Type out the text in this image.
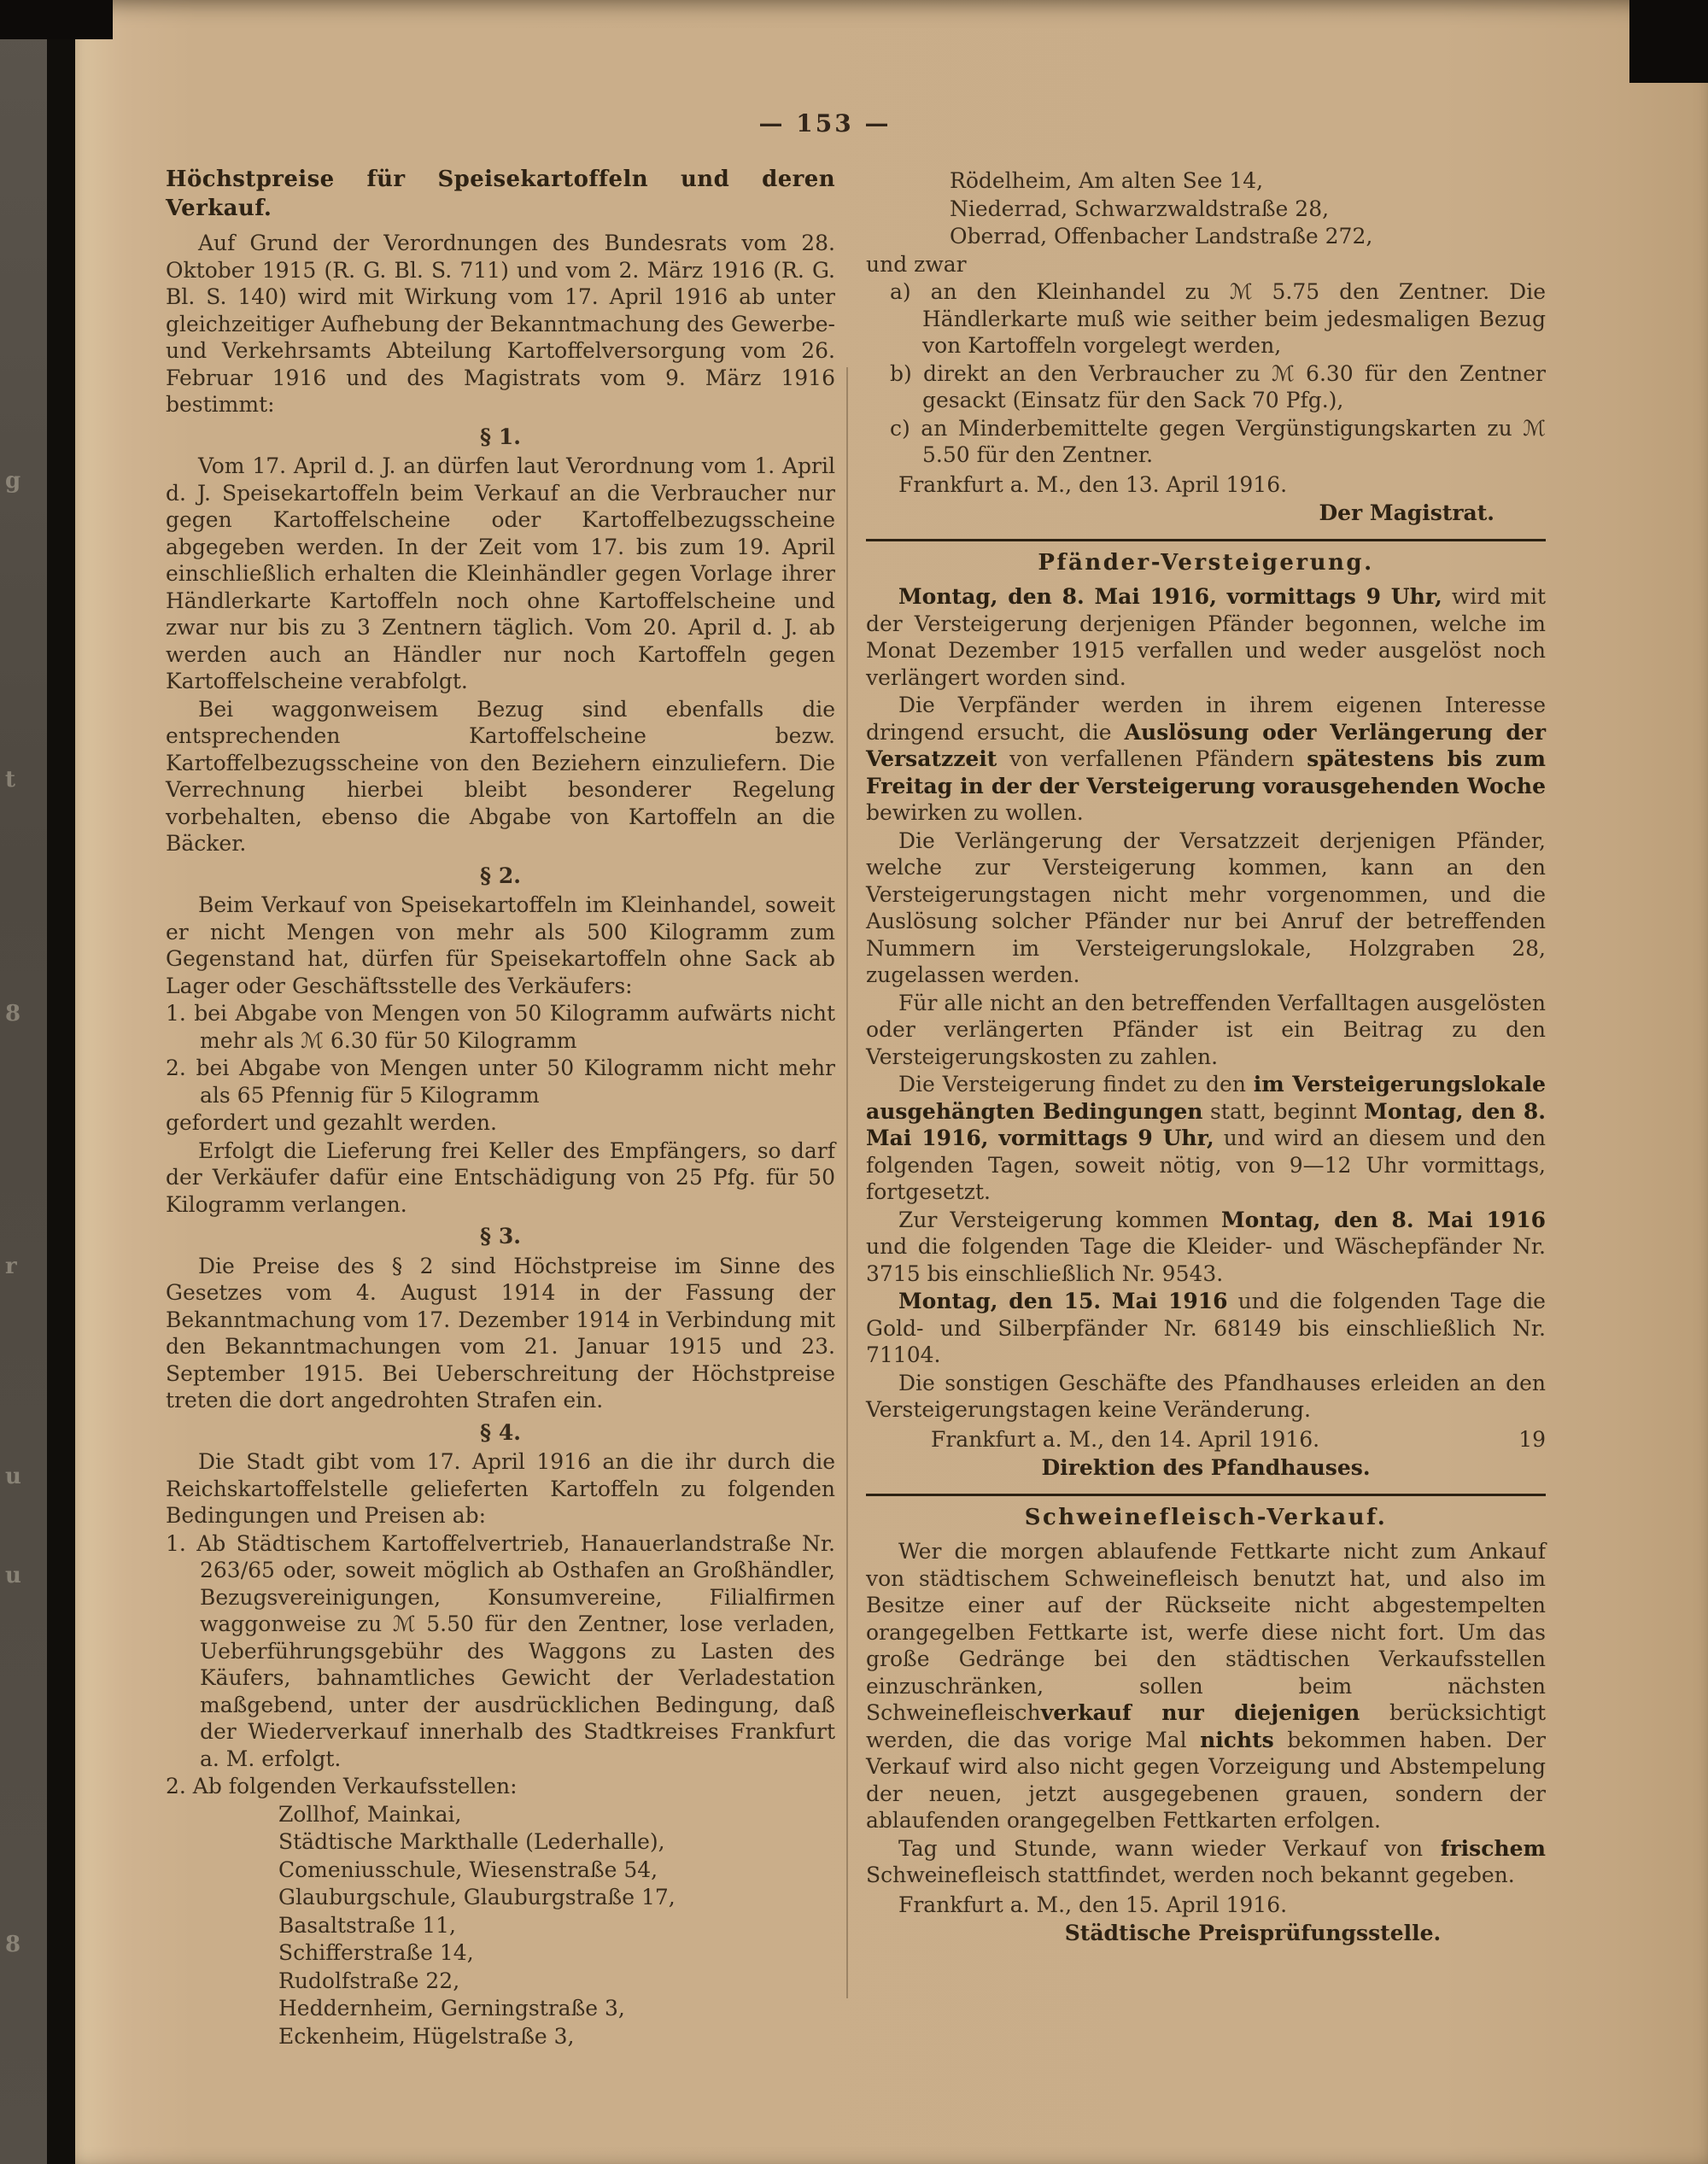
g
t
8
r
u
u
8
— 153 —
Höchstpreise für Speisekartoffeln und deren Verkauf.

Auf Grund der Verordnungen des Bundesrats vom 28. Oktober 1915 (R. G. Bl. S. 711) und vom 2. März 1916 (R. G. Bl. S. 140) wird mit Wirkung vom 17. April 1916 ab unter gleichzeitiger Aufhebung der Bekanntmachung des Gewerbe- und Verkehrsamts Abteilung Kartoffelversorgung vom 26. Februar 1916 und des Magistrats vom 9. März 1916 bestimmt:

§ 1.

Vom 17. April d. J. an dürfen laut Verordnung vom 1. April d. J. Speisekartoffeln beim Verkauf an die Verbraucher nur gegen Kartoffelscheine oder Kartoffelbezugsscheine abgegeben werden. In der Zeit vom 17. bis zum 19. April einschließlich erhalten die Kleinhändler gegen Vorlage ihrer Händlerkarte Kartoffeln noch ohne Kartoffelscheine und zwar nur bis zu 3 Zentnern täglich. Vom 20. April d. J. ab werden auch an Händler nur noch Kartoffeln gegen Kartoffelscheine verabfolgt.

Bei waggonweisem Bezug sind ebenfalls die entsprechenden Kartoffelscheine bezw. Kartoffelbezugsscheine von den Beziehern einzuliefern. Die Verrechnung hierbei bleibt besonderer Regelung vorbehalten, ebenso die Abgabe von Kartoffeln an die Bäcker.

§ 2.

Beim Verkauf von Speisekartoffeln im Kleinhandel, soweit er nicht Mengen von mehr als 500 Kilogramm zum Gegenstand hat, dürfen für Speisekartoffeln ohne Sack ab Lager oder Geschäftsstelle des Verkäufers:

1. bei Abgabe von Mengen von 50 Kilogramm aufwärts nicht mehr als ℳ 6.30 für 50 Kilogramm

2. bei Abgabe von Mengen unter 50 Kilogramm nicht mehr als 65 Pfennig für 5 Kilogramm

gefordert und gezahlt werden.

Erfolgt die Lieferung frei Keller des Empfängers, so darf der Verkäufer dafür eine Entschädigung von 25 Pfg. für 50 Kilogramm verlangen.

§ 3.

Die Preise des § 2 sind Höchstpreise im Sinne des Gesetzes vom 4. August 1914 in der Fassung der Bekanntmachung vom 17. Dezember 1914 in Verbindung mit den Bekanntmachungen vom 21. Januar 1915 und 23. September 1915. Bei Ueberschreitung der Höchstpreise treten die dort angedrohten Strafen ein.

§ 4.

Die Stadt gibt vom 17. April 1916 an die ihr durch die Reichskartoffelstelle gelieferten Kartoffeln zu folgenden Bedingungen und Preisen ab:

1. Ab Städtischem Kartoffelvertrieb, Hanauerlandstraße Nr. 263/65 oder, soweit möglich ab Osthafen an Großhändler, Bezugsvereinigungen, Konsumvereine, Filialfirmen waggonweise zu ℳ 5.50 für den Zentner, lose verladen, Ueberführungsgebühr des Waggons zu Lasten des Käufers, bahnamtliches Gewicht der Verladestation maßgebend, unter der ausdrücklichen Bedingung, daß der Wiederverkauf innerhalb des Stadtkreises Frankfurt a. M. erfolgt.

2. Ab folgenden Verkaufsstellen:

Zollhof, Mainkai,

Städtische Markthalle (Lederhalle),

Comeniusschule, Wiesenstraße 54,

Glauburgschule, Glauburgstraße 17,

Basaltstraße 11,

Schifferstraße 14,

Rudolfstraße 22,

Heddernheim, Gerningstraße 3,

Eckenheim, Hügelstraße 3,

Rödelheim, Am alten See 14,

Niederrad, Schwarzwaldstraße 28,

Oberrad, Offenbacher Landstraße 272,

und zwar

a) an den Kleinhandel zu ℳ 5.75 den Zentner. Die Händlerkarte muß wie seither beim jedesmaligen Bezug von Kartoffeln vorgelegt werden,

b) direkt an den Verbraucher zu ℳ 6.30 für den Zentner gesackt (Einsatz für den Sack 70 Pfg.),

c) an Minderbemittelte gegen Vergünstigungskarten zu ℳ 5.50 für den Zentner.

Frankfurt a. M., den 13. April 1916.

Der Magistrat.

Pfänder-Versteigerung.

Montag, den 8. Mai 1916, vormittags 9 Uhr, wird mit der Versteigerung derjenigen Pfänder begonnen, welche im Monat Dezember 1915 verfallen und weder ausgelöst noch verlängert worden sind.

Die Verpfänder werden in ihrem eigenen Interesse dringend ersucht, die Auslösung oder Verlängerung der Versatzzeit von verfallenen Pfändern spätestens bis zum Freitag in der der Versteigerung vorausgehenden Woche bewirken zu wollen.

Die Verlängerung der Versatzzeit derjenigen Pfänder, welche zur Versteigerung kommen, kann an den Versteigerungstagen nicht mehr vorgenommen, und die Auslösung solcher Pfänder nur bei Anruf der betreffenden Nummern im Versteigerungslokale, Holzgraben 28, zugelassen werden.

Für alle nicht an den betreffenden Verfalltagen ausgelösten oder verlängerten Pfänder ist ein Beitrag zu den Versteigerungskosten zu zahlen.

Die Versteigerung findet zu den im Versteigerungslokale ausgehängten Bedingungen statt, beginnt Montag, den 8. Mai 1916, vormittags 9 Uhr, und wird an diesem und den folgenden Tagen, soweit nötig, von 9—12 Uhr vormittags, fortgesetzt.

Zur Versteigerung kommen Montag, den 8. Mai 1916 und die folgenden Tage die Kleider- und Wäschepfänder Nr. 3715 bis einschließlich Nr. 9543.

Montag, den 15. Mai 1916 und die folgenden Tage die Gold- und Silberpfänder Nr. 68149 bis einschließlich Nr. 71104.

Die sonstigen Geschäfte des Pfandhauses erleiden an den Versteigerungstagen keine Veränderung.

Frankfurt a. M., den 14. April 1916.	19

Direktion des Pfandhauses.

Schweinefleisch-Verkauf.

Wer die morgen ablaufende Fettkarte nicht zum Ankauf von städtischem Schweinefleisch benutzt hat, und also im Besitze einer auf der Rückseite nicht abgestempelten orangegelben Fettkarte ist, werfe diese nicht fort. Um das große Gedränge bei den städtischen Verkaufsstellen einzuschränken, sollen beim nächsten Schweinefleischverkauf nur diejenigen berücksichtigt werden, die das vorige Mal nichts bekommen haben. Der Verkauf wird also nicht gegen Vorzeigung und Abstempelung der neuen, jetzt ausgegebenen grauen, sondern der ablaufenden orangegelben Fettkarten erfolgen.

Tag und Stunde, wann wieder Verkauf von frischem Schweinefleisch stattfindet, werden noch bekannt gegeben.

Frankfurt a. M., den 15. April 1916.

Städtische Preisprüfungsstelle.
